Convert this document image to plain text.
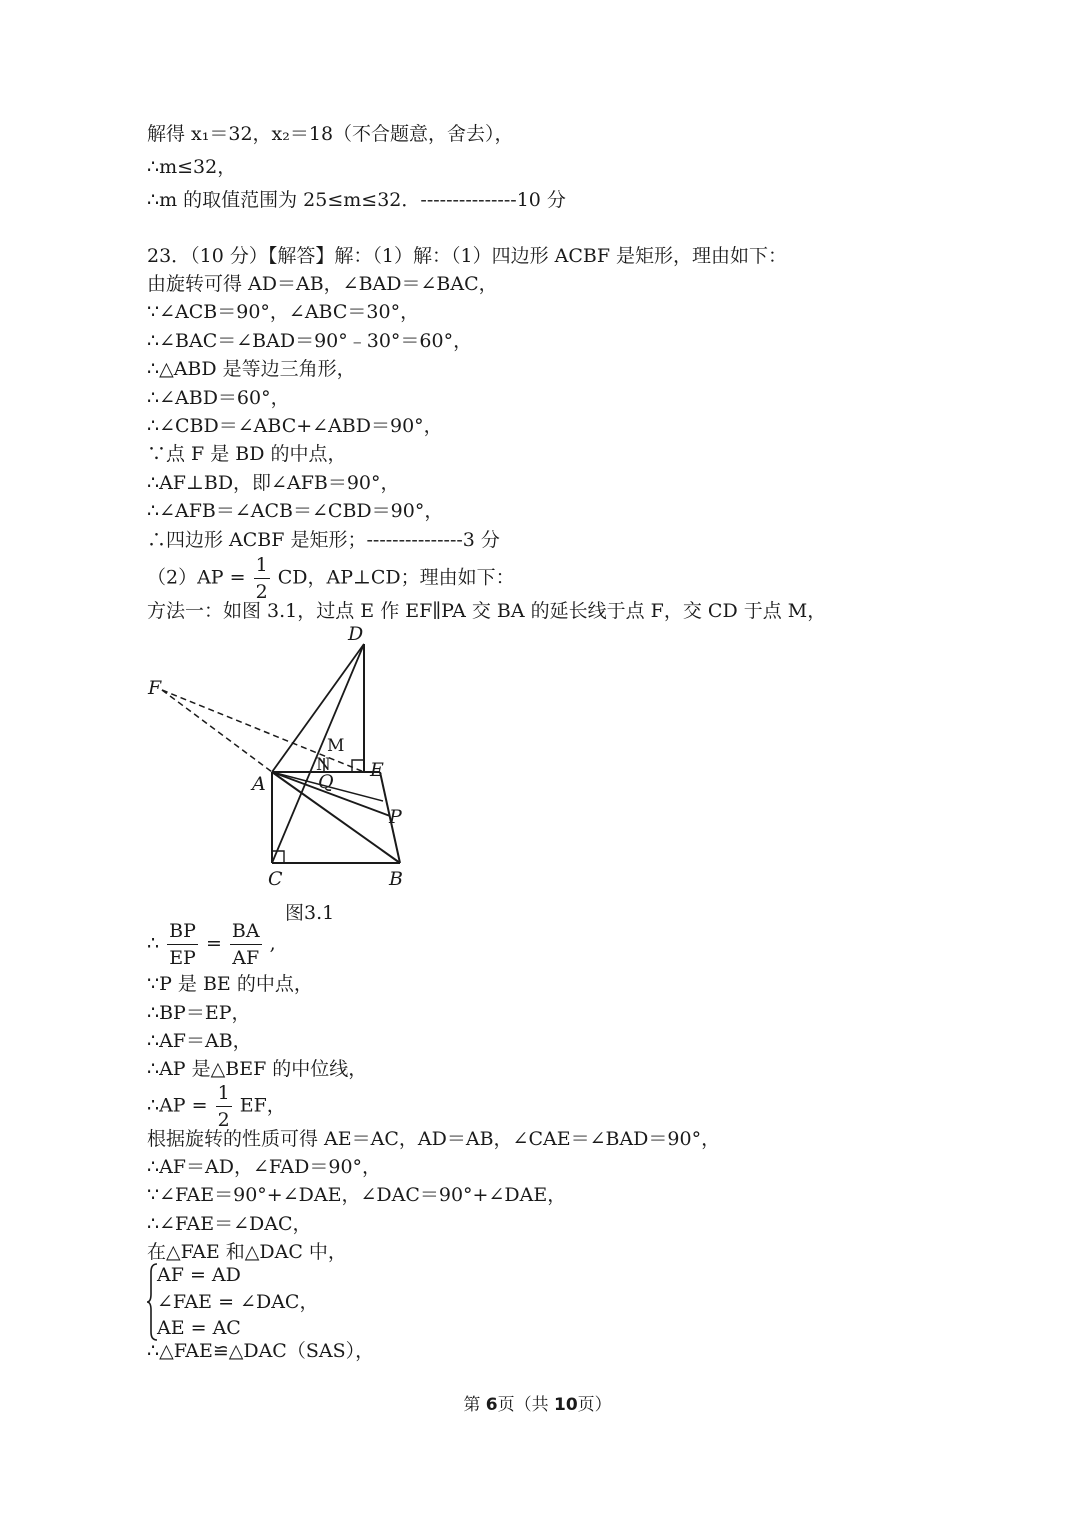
解得 x₁＝32，x₂＝18（不合题意，舍去），
∴m≤32，
∴m 的取值范围为 25≤m≤32．---------------10 分
23．（10 分）【解答】解：（1）解：（1）四边形 ACBF 是矩形，理由如下：
由旋转可得 AD＝AB，∠BAD＝∠BAC，
∵∠ACB＝90°，∠ABC＝30°，
∴∠BAC＝∠BAD＝90°﹣30°＝60°，
∴△ABD 是等边三角形，
∴∠ABD＝60°，
∴∠CBD＝∠ABC+∠ABD＝90°，
∵点 F 是 BD 的中点，
∴AF⊥BD，即∠AFB＝90°，
∴∠AFB＝∠ACB＝∠CBD＝90°，
∴四边形 ACBF 是矩形；---------------3 分
$(2)AP = \frac{1}{2}$ CD，AP⊥CD；理由如下：
方法一：如图 3.1，过点 E 作 EF∥PA 交 BA 的延长线于点 F，交 CD 于点 M，
D
F
M
N
Q
E
A
P
C	B
图3.1
∴ $\frac{BP}{EP} = \frac{BA}{AF}$ ,
∵P 是 BE 的中点，
∴BP＝EP，
∴AF＝AB，
∴AP 是△BEF 的中位线，
∴AP = $\frac{1}{2}$ EF，
根据旋转的性质可得 AE＝AC，AD＝AB，∠CAE＝∠BAD＝90°，
∴AF＝AD，∠FAD＝90°，
∵∠FAE＝90°+∠DAE，∠DAC＝90°+∠DAE，
∴∠FAE＝∠DAC，
在△FAE 和△DAC 中，
AF = AD
∠FAE = ∠DAC，
AE = AC
∴△FAE≌△DAC（SAS），
第 6页（共 10页）
